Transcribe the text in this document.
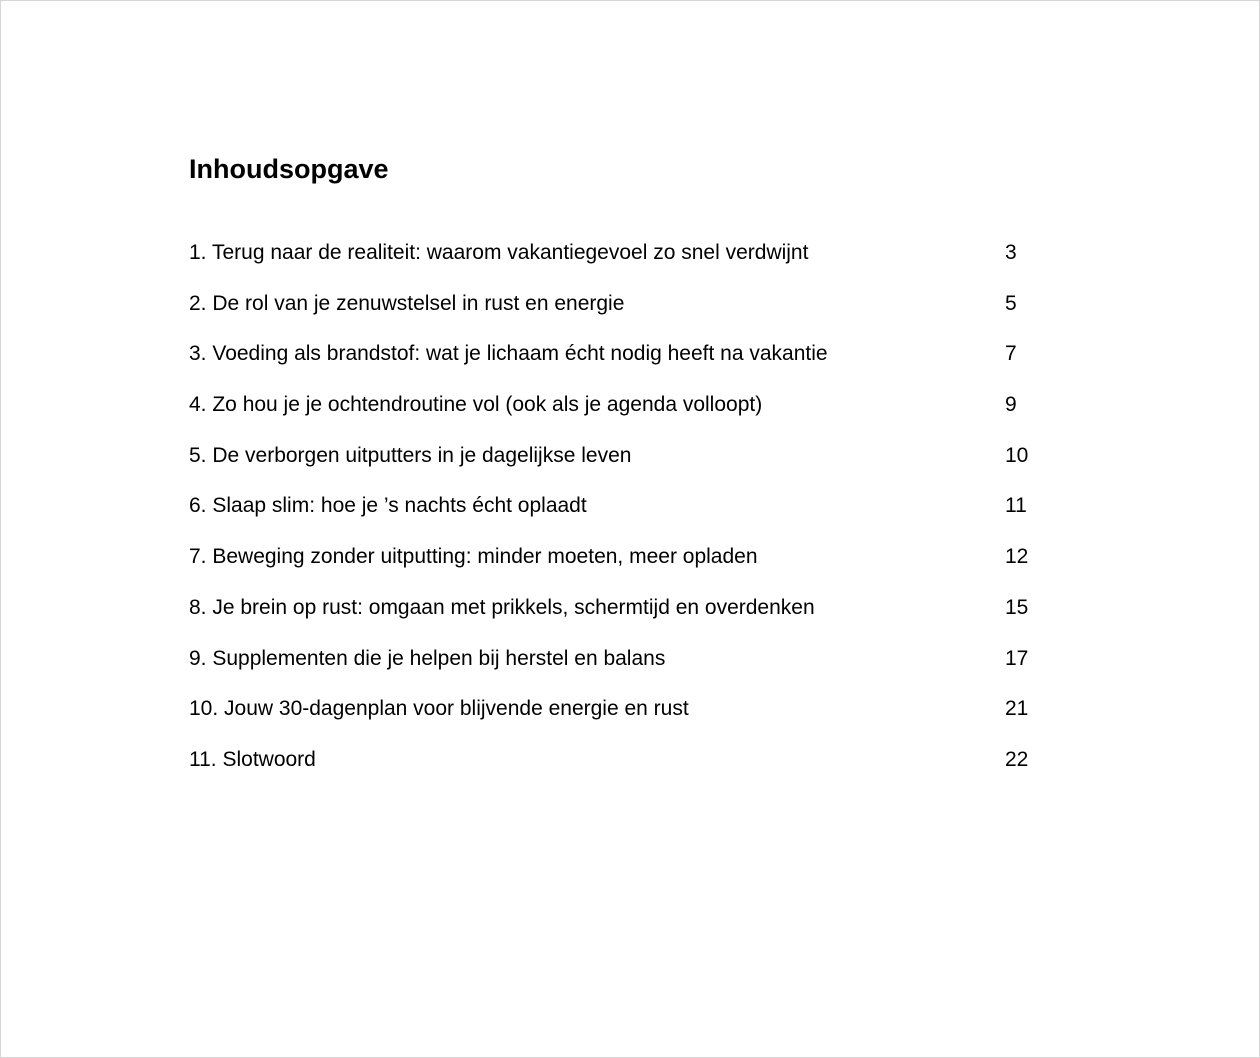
Inhoudsopgave
1. Terug naar de realiteit: waarom vakantiegevoel zo snel verdwijnt	3
2. De rol van je zenuwstelsel in rust en energie	5
3. Voeding als brandstof: wat je lichaam écht nodig heeft na vakantie	7
4. Zo hou je je ochtendroutine vol (ook als je agenda volloopt)	9
5. De verborgen uitputters in je dagelijkse leven	10
6. Slaap slim: hoe je ’s nachts écht oplaadt	11
7. Beweging zonder uitputting: minder moeten, meer opladen	12
8. Je brein op rust: omgaan met prikkels, schermtijd en overdenken	15
9. Supplementen die je helpen bij herstel en balans	17
10. Jouw 30-dagenplan voor blijvende energie en rust	21
11. Slotwoord	22
